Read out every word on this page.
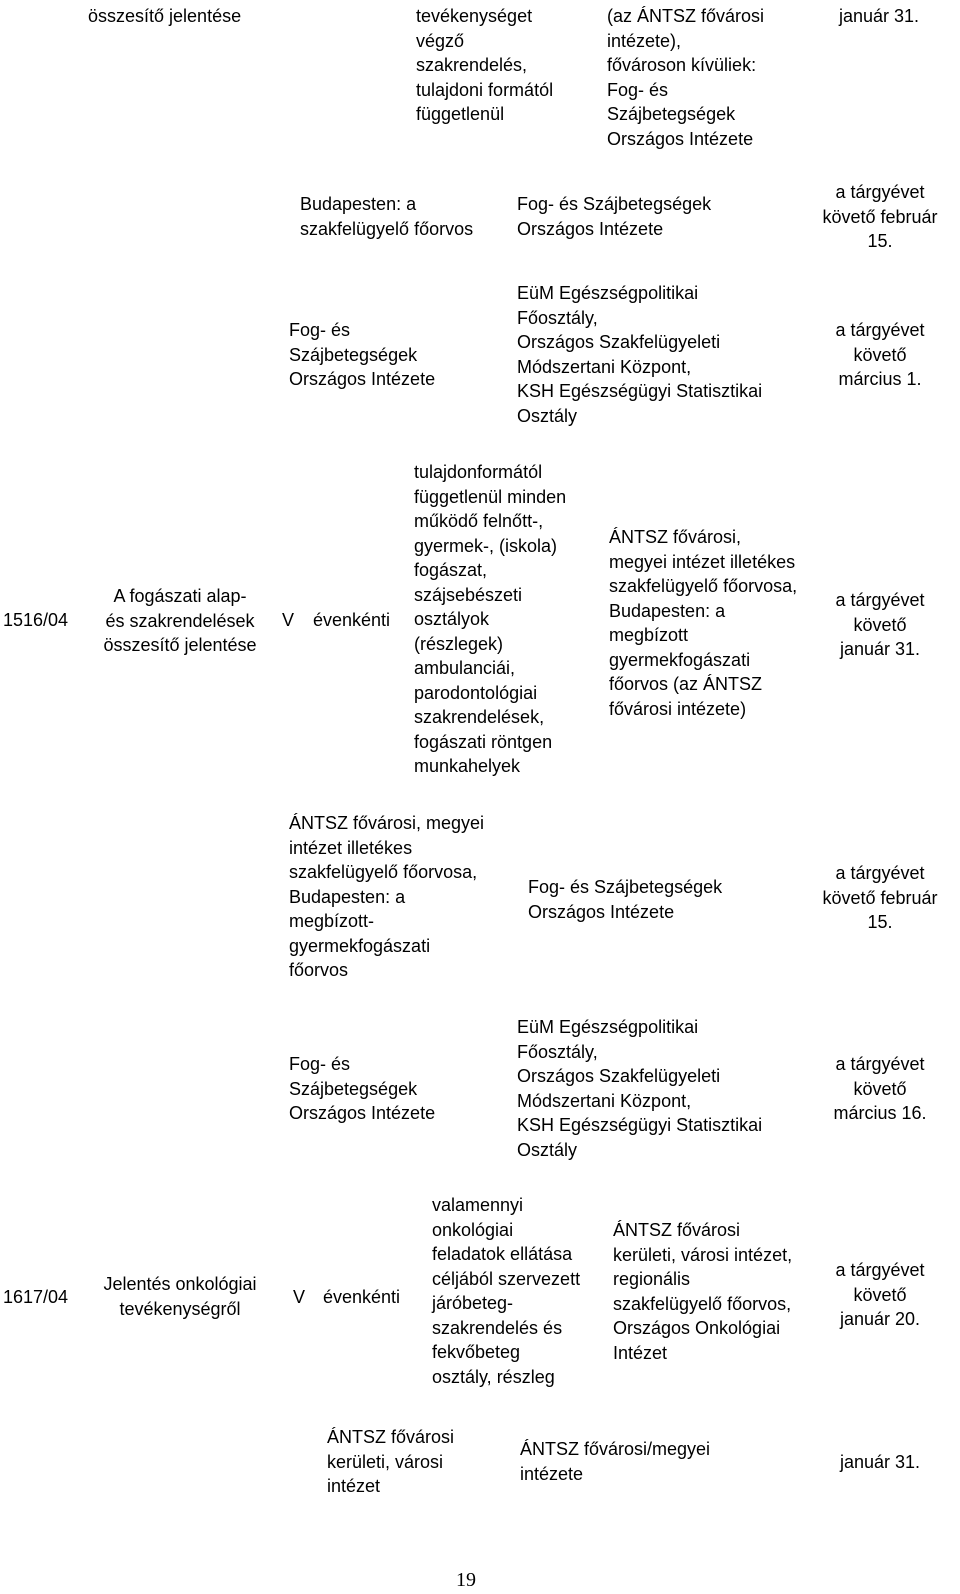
összesítő jelentése	tevékenységet
végző
szakrendelés,
tulajdoni formától
függetlenül
(az ÁNTSZ fővárosi
intézete),
fővároson kívüliek:
Fog- és
Szájbetegségek
Országos Intézete
január 31.
Budapesten: a
szakfelügyelő főorvos
Fog- és Szájbetegségek
Országos Intézete
a tárgyévet
követő február
15.
Fog- és
Szájbetegségek
Országos Intézete
EüM Egészségpolitikai
Főosztály,
Országos Szakfelügyeleti
Módszertani Központ,
KSH Egészségügyi Statisztikai
Osztály
a tárgyévet
követő
március 1.
1516/04
A fogászati alap-
és szakrendelések
összesítő jelentése
V évenkénti
tulajdonformától
függetlenül minden
működő felnőtt-,
gyermek-, (iskola)
fogászat,
szájsebészeti
osztályok
(részlegek)
ambulanciái,
parodontológiai
szakrendelések,
fogászati röntgen
munkahelyek
ÁNTSZ fővárosi,
megyei intézet illetékes
szakfelügyelő főorvosa,
Budapesten: a
megbízott
gyermekfogászati
főorvos (az ÁNTSZ
fővárosi intézete)
a tárgyévet
követő
január 31.
ÁNTSZ fővárosi, megyei
intézet illetékes
szakfelügyelő főorvosa,
Budapesten: a
megbízott-
gyermekfogászati
főorvos
Fog- és Szájbetegségek
Országos Intézete
a tárgyévet
követő február
15.
Fog- és
Szájbetegségek
Országos Intézete
EüM Egészségpolitikai
Főosztály,
Országos Szakfelügyeleti
Módszertani Központ,
KSH Egészségügyi Statisztikai
Osztály
a tárgyévet
követő
március 16.
1617/04
Jelentés onkológiai
tevékenységről
V évenkénti
valamennyi
onkológiai
feladatok ellátása
céljából szervezett
járóbeteg-
szakrendelés és
fekvőbeteg
osztály, részleg
ÁNTSZ fővárosi
kerületi, városi intézet,
regionális
szakfelügyelő főorvos,
Országos Onkológiai
Intézet
a tárgyévet
követő
január 20.
ÁNTSZ fővárosi
kerületi, városi
intézet
ÁNTSZ fővárosi/megyei
intézete
január 31.
19
